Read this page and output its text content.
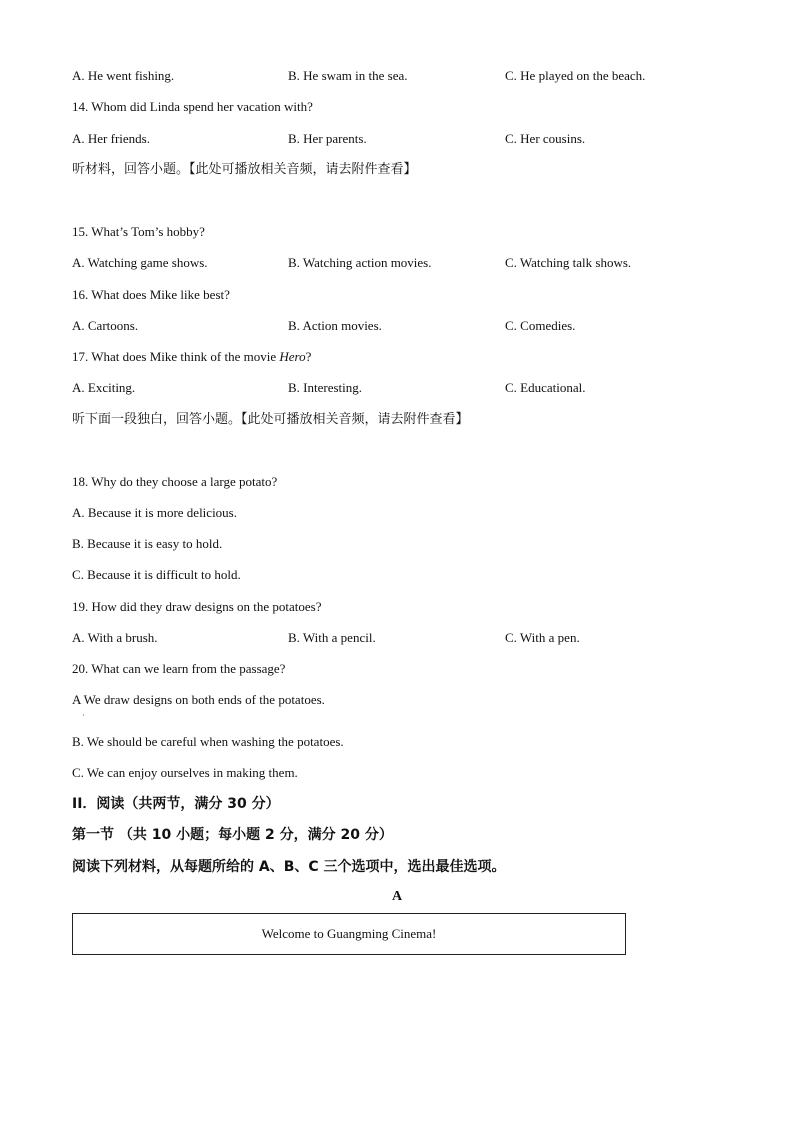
A. He went fishing.	B. He swam in the sea.	C. He played on the beach.
14. Whom did Linda spend her vacation with?
A. Her friends.	B. Her parents.	C. Her cousins.
听材料，回答小题。【此处可播放相关音频，请去附件查看】
15. What’s Tom’s hobby?
A. Watching game shows.	B. Watching action movies.	C. Watching talk shows.
16. What does Mike like best?
A. Cartoons.	B. Action movies.	C. Comedies.
17. What does Mike think of the movie Hero?
A. Exciting.	B. Interesting.	C. Educational.
听下面一段独白，回答小题。【此处可播放相关音频，请去附件查看】
18. Why do they choose a large potato?
A. Because it is more delicious.
B. Because it is easy to hold.
C. Because it is difficult to hold.
19. How did they draw designs on the potatoes?
A. With a brush.	B. With a pencil.	C. With a pen.
20. What can we learn from the passage?
A We draw designs on both ends of the potatoes.
·
B. We should be careful when washing the potatoes.
C. We can enjoy ourselves in making them.
II．阅读（共两节，满分 30 分）
第一节 （共 10 小题；每小题 2 分，满分 20 分）
阅读下列材料，从每题所给的 A、B、C 三个选项中，选出最佳选项。
A
Welcome to Guangming Cinema!
